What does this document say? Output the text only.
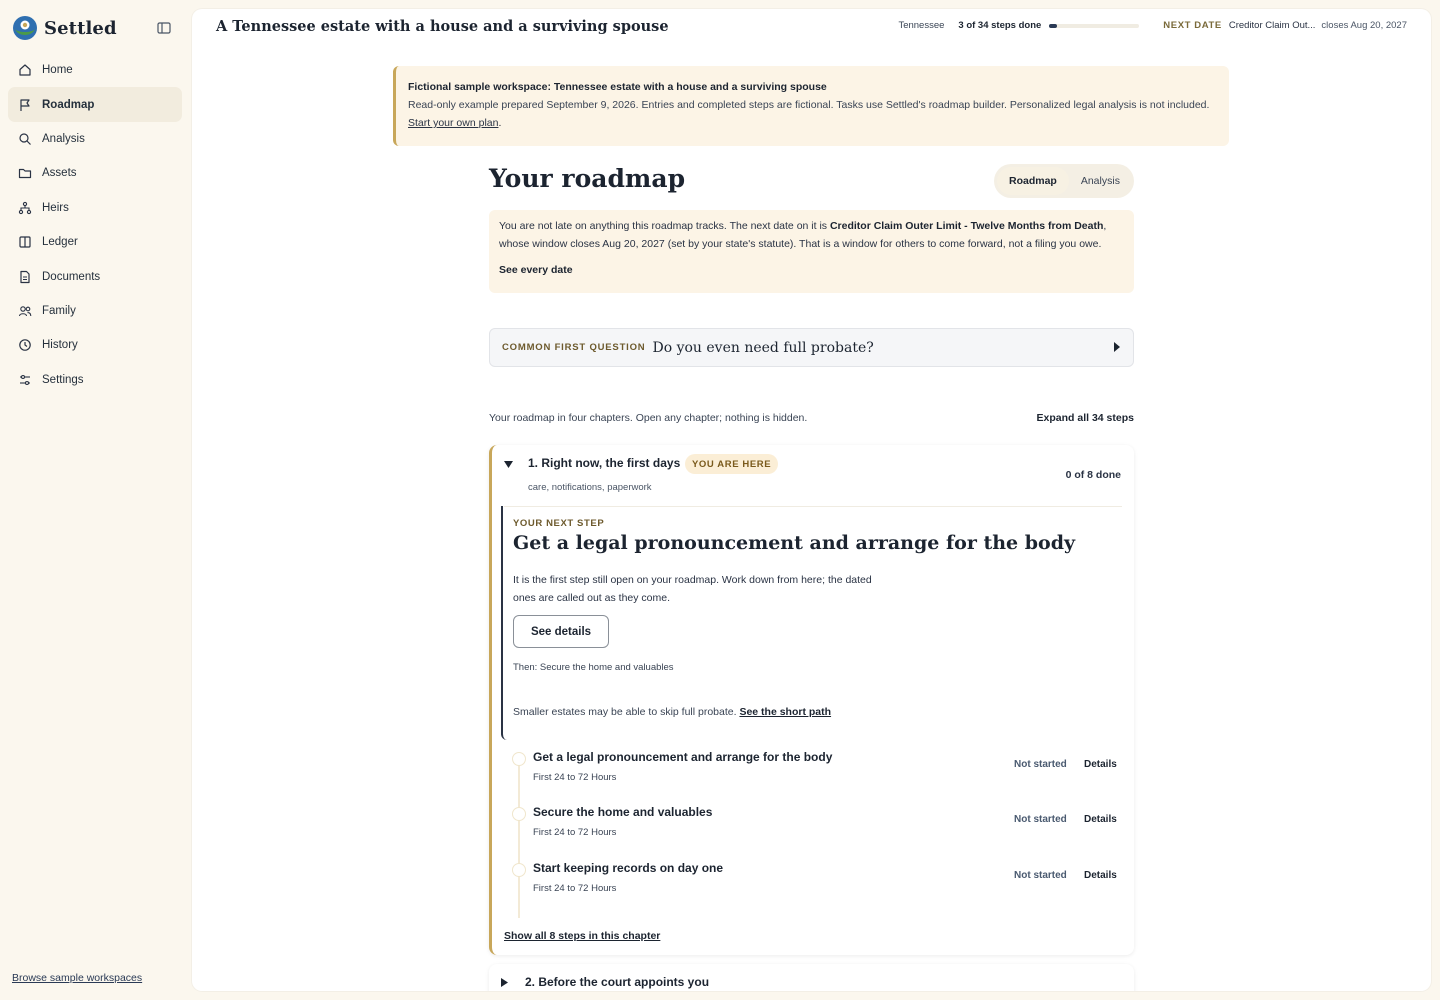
Settled
Home
Roadmap
Analysis
Assets
Heirs
Ledger
Documents
Family
History
Settings
Browse sample workspaces
A Tennessee estate with a house and a surviving spouse	Tennessee 3 of 34 steps done	NEXT DATE Creditor Claim Out... closes Aug 20, 2027
Fictional sample workspace: Tennessee estate with a house and a surviving spouse
Read-only example prepared September 9, 2026. Entries and completed steps are fictional. Tasks use Settled's roadmap builder. Personalized legal analysis is not included.
Start your own plan.
Your roadmap	Roadmap	Analysis
You are not late on anything this roadmap tracks. The next date on it is Creditor Claim Outer Limit - Twelve Months from Death, whose window closes Aug 20, 2027 (set by your state's statute). That is a window for others to come forward, not a filing you owe.
See every date
COMMON FIRST QUESTION Do you even need full probate?
Your roadmap in four chapters. Open any chapter; nothing is hidden.	Expand all 34 steps
1. Right now, the first days	YOU ARE HERE
care, notifications, paperwork
0 of 8 done
YOUR NEXT STEP
Get a legal pronouncement and arrange for the body
It is the first step still open on your roadmap. Work down from here; the dated ones are called out as they come.
See details
Then: Secure the home and valuables
Smaller estates may be able to skip full probate. See the short path
Get a legal pronouncement and arrange for the body
First 24 to 72 Hours
Not started Details
Secure the home and valuables
First 24 to 72 Hours
Not started Details
Start keeping records on day one
First 24 to 72 Hours
Not started Details
Show all 8 steps in this chapter
2. Before the court appoints you
